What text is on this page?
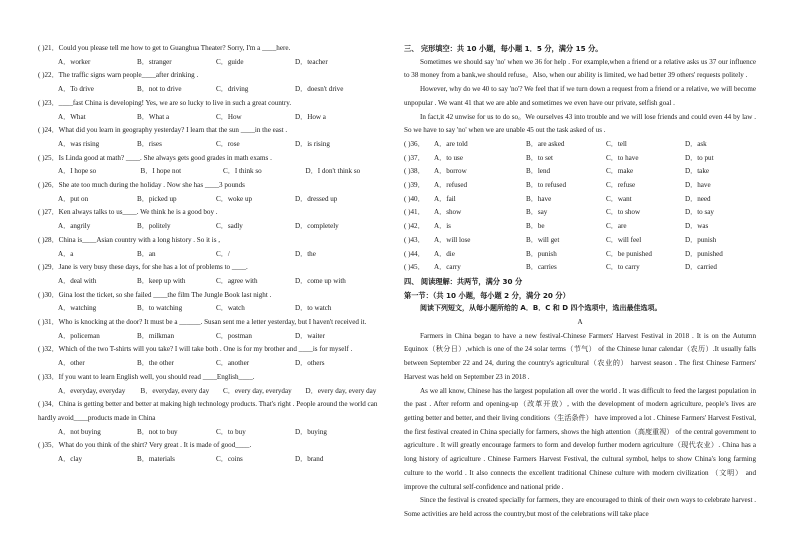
( )21．Could you please tell me how to get to Guanghua Theater? Sorry, I'm a ____here.
A．worker	B．stranger	C．guide	D．teacher
( )22．The traffic signs warn people____after drinking .
A．To drive	B．not to drive	C．driving	D．doesn't drive
( )23．____fast China is developing! Yes, we are so lucky to live in such a great country.
A．What	B．What a	C．How	D．How a
( )24．What did you learn in geography yesterday? I learn that the sun ____in the east .
A．was rising	B．rises	C．rose	D．is rising
( )25．Is Linda good at math? ____. She always gets good grades in math exams .
A．I hope so	B．I hope not	C．I think so	D．I don't think so
( )26．She ate too much during the holiday . Now she has ____3 pounds
A．put on	B．picked up	C．woke up	D．dressed up
( )27．Ken always talks to us____. We think he is a good boy .
A．angrily	B．politely	C．sadly	D．completely
( )28．China is____Asian country with a long history . So it is ,
A．a	B．an	C．/	D．the
( )29．Jane is very busy these days, for she has a lot of problems to ____.
A．deal with	B．keep up with	C．agree with	D．come up with
( )30．Gina lost the ticket, so she failed ____the film The Jungle Book last night .
A．watching	B．to watching	C．watch	D．to watch
( )31．Who is knocking at the door? It must be a ______. Susan sent me a letter yesterday, but I haven't received it.
A．policeman	B．milkman	C．postman	D．waiter
( )32．Which of the two T-shirts will you take? I will take both . One is for my brother and ____is for myself .
A．other	B．the other	C．another	D．others
( )33．If you want to learn English well, you should read ____English____.
A．everyday, everyday	B．everyday, every day	C．every day, everyday	D．every day, every day
( )34．China is getting better and better at making high technology products. That's right . People around the world can hardly avoid____products made in China
A．not buying	B．not to buy	C．to buy	D．buying
( )35．What do you think of the shirt? Very great . It is made of good____.
A．clay	B．materials	C．coins	D．brand

三、 完形填空：共 10 小题，每小题 1．5 分，满分 15 分。

Sometimes we should say 'no' when we 36 for help . For example,when a friend or a relative asks us 37 our influence to 38 money from a bank,we should refuse。Also, when our ability is limited, we had better 39 others' requests politely .

However, why do we 40 to say 'no'? We feel that if we turn down a request from a friend or a relative, we will become unpopular . We want 41 that we are able and sometimes we even have our private, selfish goal .

In fact,it 42 unwise for us to do so。We ourselves 43 into trouble and we will lose friends and could even 44 by law . So we have to say 'no' when we are unable 45 out the task asked of us .

( )36．	A．are told	B．are asked	C．tell	D．ask
( )37．	A．to use	B．to set	C．to have	D．to put
( )38．	A．borrow	B．lend	C．make	D．take
( )39．	A．refused	B．to refused	C．refuse	D．have
( )40．	A．fail	B．have	C．want	D．need
( )41．	A．show	B．say	C．to show	D．to say
( )42．	A．is	B．be	C．are	D．was
( )43．	A．will lose	B．will get	C．will feel	D．punish
( )44．	A．die	B．punish	C．be punished	D．punished
( )45．	A．carry	B．carries	C．to carry	D．carried

四、 阅读理解：共两节，满分 30 分

第一节：（共 10 小题，每小题 2 分，满分 20 分）

阅读下列短文，从每小题所给的 A．B．C 和 D 四个选项中，选出最佳选项。

A

Farmers in China began to have a new festival-Chinese Farmers' Harvest Festival in 2018 . It is on the Autumn Equinox（秋分日）,which is one of the 24 solar terms（节气） of the Chinese lunar calendar（农历）.It usually falls between September 22 and 24, during the country's agricultural（农业的） harvest season . The first Chinese Farmers' Harvest was held on September 23 in 2018 .

As we all know, Chinese has the largest population all over the world . It was difficult to feed the largest population in the past . After reform and opening-up（改革开放）, with the development of modern agriculture, people's lives are getting better and better, and their living conditions（生活条件） have improved a lot . Chinese Farmers' Harvest Festival, the first festival created in China specially for farmers, shows the high attention（高度重视） of the central government to agriculture . It will greatly encourage farmers to form and develop further modern agriculture（现代农业）. China has a long history of agriculture . Chinese Farmers Harvest Festival, the cultural symbol, helps to show China's long farming culture to the world . It also connects the excellent traditional Chinese culture with modern civilization （文明） and improve the cultural self-confidence and national pride .

Since the festival is created specially for farmers, they are encouraged to think of their own ways to celebrate harvest . Some activities are held across the country,but most of the celebrations will take place
